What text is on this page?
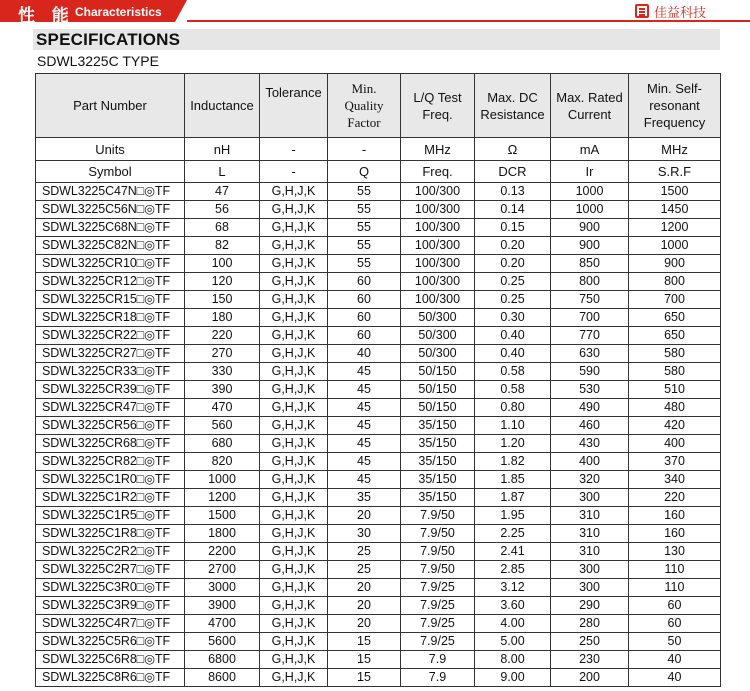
性 能 Characteristics	佳益科技
SPECIFICATIONS
SDWL3225C TYPE
Part Number	Inductance	Tolerance	Min. Quality Factor	L/Q Test Freq.	Max. DC Resistance	Max. Rated Current	Min. Self-resonant Frequency
Units	nH	-	-	MHz	Ω	mA	MHz
Symbol	L	-	Q	Freq.	DCR	Ir	S.R.F
SDWL3225C47N□◎TF	47	G,H,J,K	55	100/300	0.13	1000	1500
SDWL3225C56N□◎TF	56	G,H,J,K	55	100/300	0.14	1000	1450
SDWL3225C68N□◎TF	68	G,H,J,K	55	100/300	0.15	900	1200
SDWL3225C82N□◎TF	82	G,H,J,K	55	100/300	0.20	900	1000
SDWL3225CR10□◎TF	100	G,H,J,K	55	100/300	0.20	850	900
SDWL3225CR12□◎TF	120	G,H,J,K	60	100/300	0.25	800	800
SDWL3225CR15□◎TF	150	G,H,J,K	60	100/300	0.25	750	700
SDWL3225CR18□◎TF	180	G,H,J,K	60	50/300	0.30	700	650
SDWL3225CR22□◎TF	220	G,H,J,K	60	50/300	0.40	770	650
SDWL3225CR27□◎TF	270	G,H,J,K	40	50/300	0.40	630	580
SDWL3225CR33□◎TF	330	G,H,J,K	45	50/150	0.58	590	580
SDWL3225CR39□◎TF	390	G,H,J,K	45	50/150	0.58	530	510
SDWL3225CR47□◎TF	470	G,H,J,K	45	50/150	0.80	490	480
SDWL3225CR56□◎TF	560	G,H,J,K	45	35/150	1.10	460	420
SDWL3225CR68□◎TF	680	G,H,J,K	45	35/150	1.20	430	400
SDWL3225CR82□◎TF	820	G,H,J,K	45	35/150	1.82	400	370
SDWL3225C1R0□◎TF	1000	G,H,J,K	45	35/150	1.85	320	340
SDWL3225C1R2□◎TF	1200	G,H,J,K	35	35/150	1.87	300	220
SDWL3225C1R5□◎TF	1500	G,H,J,K	20	7.9/50	1.95	310	160
SDWL3225C1R8□◎TF	1800	G,H,J,K	30	7.9/50	2.25	310	160
SDWL3225C2R2□◎TF	2200	G,H,J,K	25	7.9/50	2.41	310	130
SDWL3225C2R7□◎TF	2700	G,H,J,K	25	7.9/50	2.85	300	110
SDWL3225C3R0□◎TF	3000	G,H,J,K	20	7.9/25	3.12	300	110
SDWL3225C3R9□◎TF	3900	G,H,J,K	20	7.9/25	3.60	290	60
SDWL3225C4R7□◎TF	4700	G,H,J,K	20	7.9/25	4.00	280	60
SDWL3225C5R6□◎TF	5600	G,H,J,K	15	7.9/25	5.00	250	50
SDWL3225C6R8□◎TF	6800	G,H,J,K	15	7.9	8.00	230	40
SDWL3225C8R6□◎TF	8600	G,H,J,K	15	7.9	9.00	200	40
